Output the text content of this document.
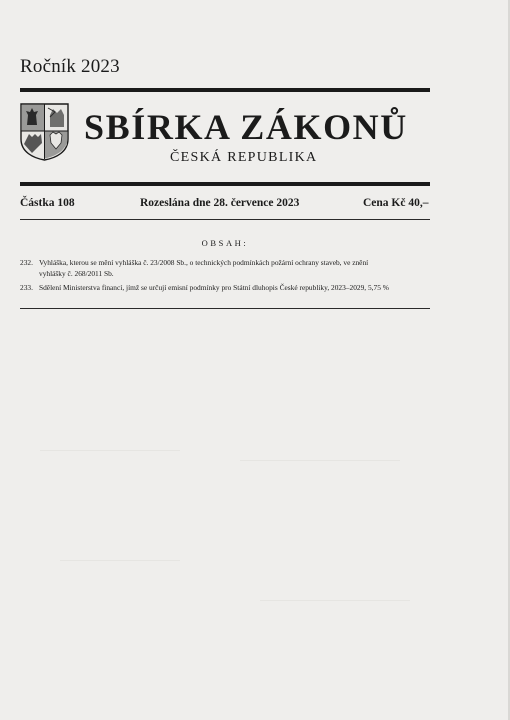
Ročník 2023
SBÍRKA ZÁKONŮ
ČESKÁ REPUBLIKA
Částka 108	Rozeslána dne 28. července 2023	Cena Kč 40,–
OBSAH:
232. Vyhláška, kterou se mění vyhláška č. 23/2008 Sb., o technických podmínkách požární ochrany staveb, ve znění
vyhlášky č. 268/2011 Sb.
233. Sdělení Ministerstva financí, jímž se určují emisní podmínky pro Státní dluhopis České republiky, 2023–2029, 5,75 %
